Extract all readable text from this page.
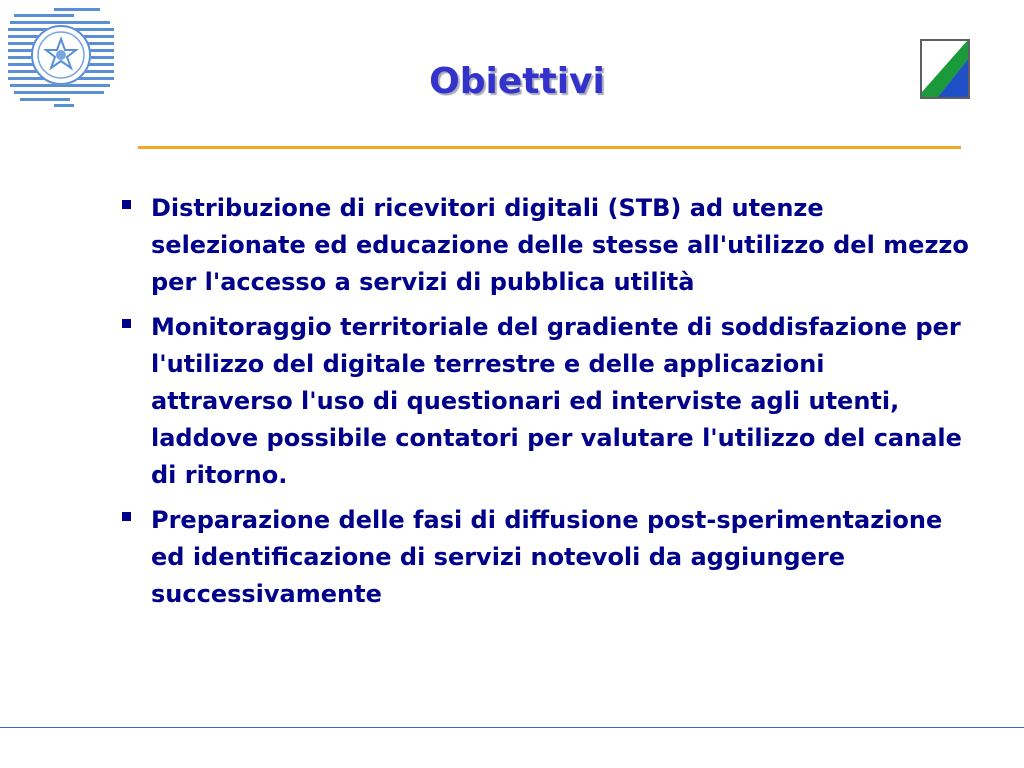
Obiettivi
Distribuzione di ricevitori digitali (STB) ad utenze selezionate ed educazione delle stesse all'utilizzo del mezzo per l'accesso a servizi di pubblica utilità
Monitoraggio territoriale del gradiente di soddisfazione per l'utilizzo del digitale terrestre e delle applicazioni attraverso l'uso di questionari ed interviste agli utenti, laddove possibile contatori per valutare l'utilizzo del canale di ritorno.
Preparazione delle fasi di diffusione post-sperimentazione ed identificazione di servizi notevoli da aggiungere successivamente
